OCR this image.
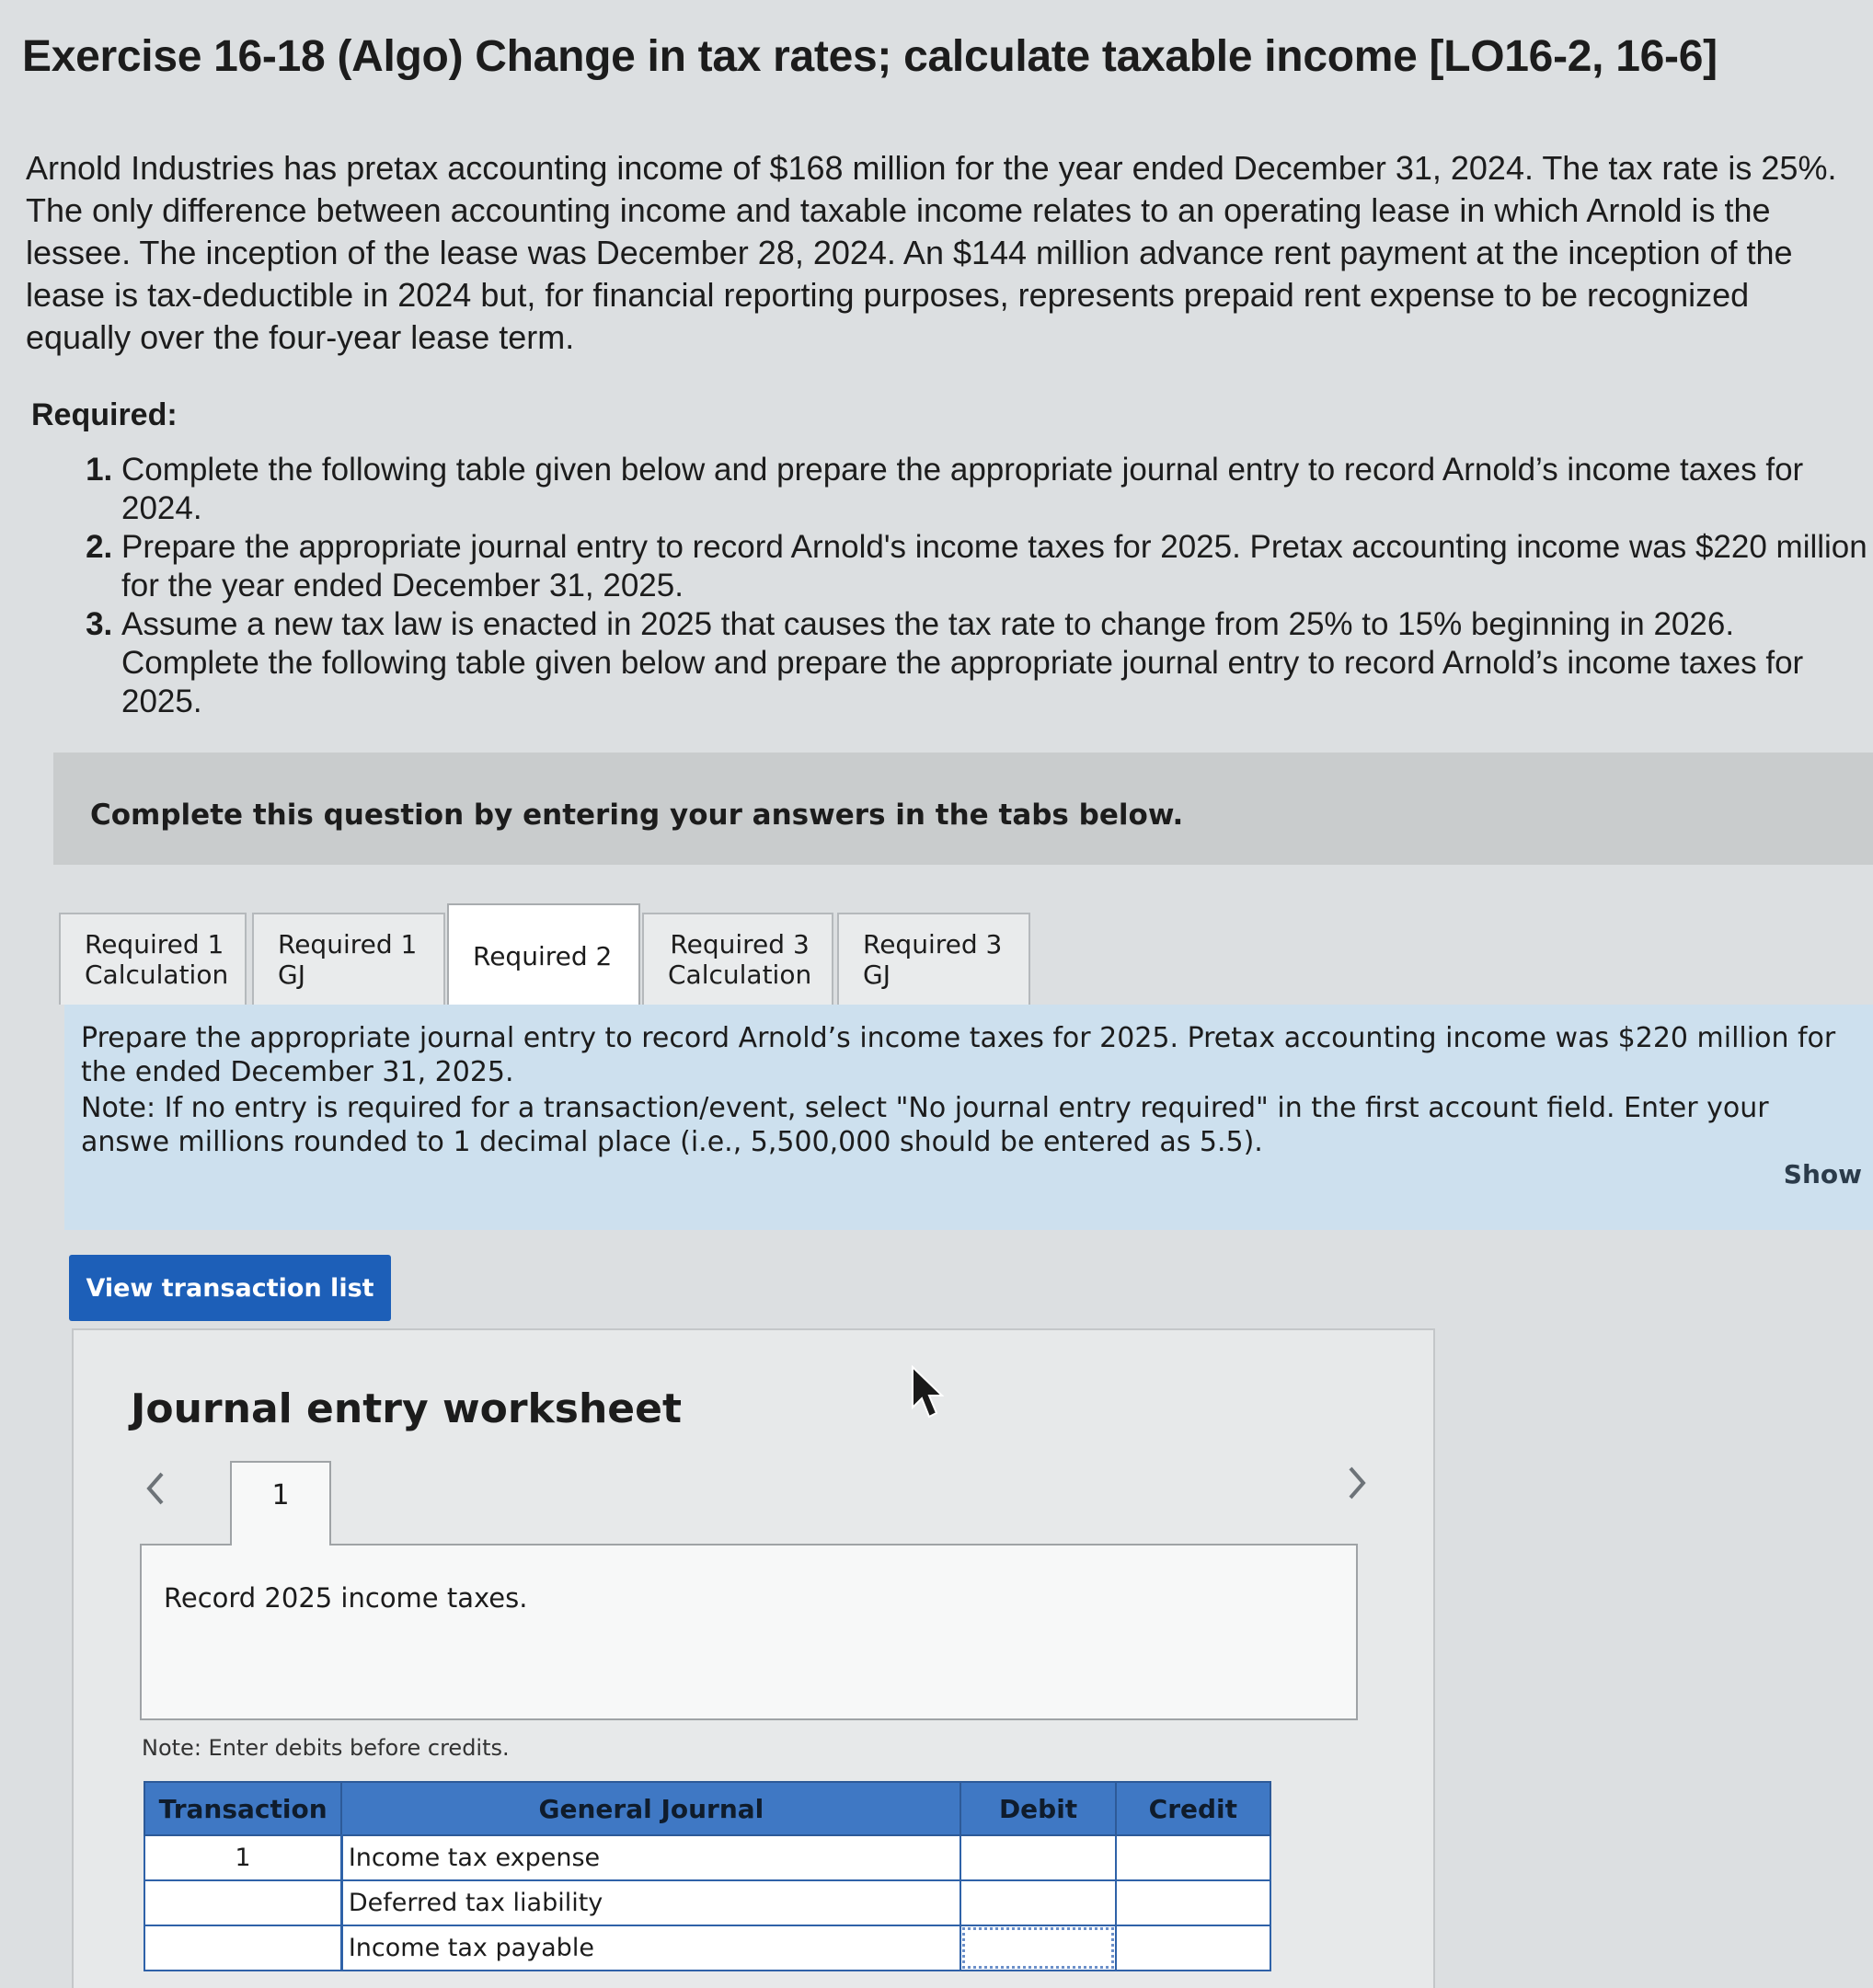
Exercise 16-18 (Algo) Change in tax rates; calculate taxable income [LO16-2, 16-6]

Arnold Industries has pretax accounting income of $168 million for the year ended December 31, 2024. The tax rate is 25%. The only difference between accounting income and taxable income relates to an operating lease in which Arnold is the lessee. The inception of the lease was December 28, 2024. An $144 million advance rent payment at the inception of the lease is tax-deductible in 2024 but, for financial reporting purposes, represents prepaid rent expense to be recognized equally over the four-year lease term.

Required:

1. Complete the following table given below and prepare the appropriate journal entry to record Arnold’s income taxes for 2024.
2. Prepare the appropriate journal entry to record Arnold's income taxes for 2025. Pretax accounting income was $220 million for the year ended December 31, 2025.
3. Assume a new tax law is enacted in 2025 that causes the tax rate to change from 25% to 15% beginning in 2026. Complete the following table given below and prepare the appropriate journal entry to record Arnold’s income taxes for 2025.

Complete this question by entering your answers in the tabs below.

Required 1
Calculation
Required 1 GJ
Required 2 Required 3
Calculation
Required 3 GJ

Prepare the appropriate journal entry to record Arnold’s income taxes for 2025. Pretax accounting income was $220 million for the ended December 31, 2025.

Note: If no entry is required for a transaction/event, select "No journal entry required" in the first account field. Enter your answe millions rounded to 1 decimal place (i.e., 5,500,000 should be entered as 5.5).

Show
View transaction list
Journal entry worksheet
1

Record 2025 income taxes.

Note: Enter debits before credits.

Transaction	General Journal	Debit	Credit
1	Income tax expense		
	Deferred tax liability		
	Income tax payable		
